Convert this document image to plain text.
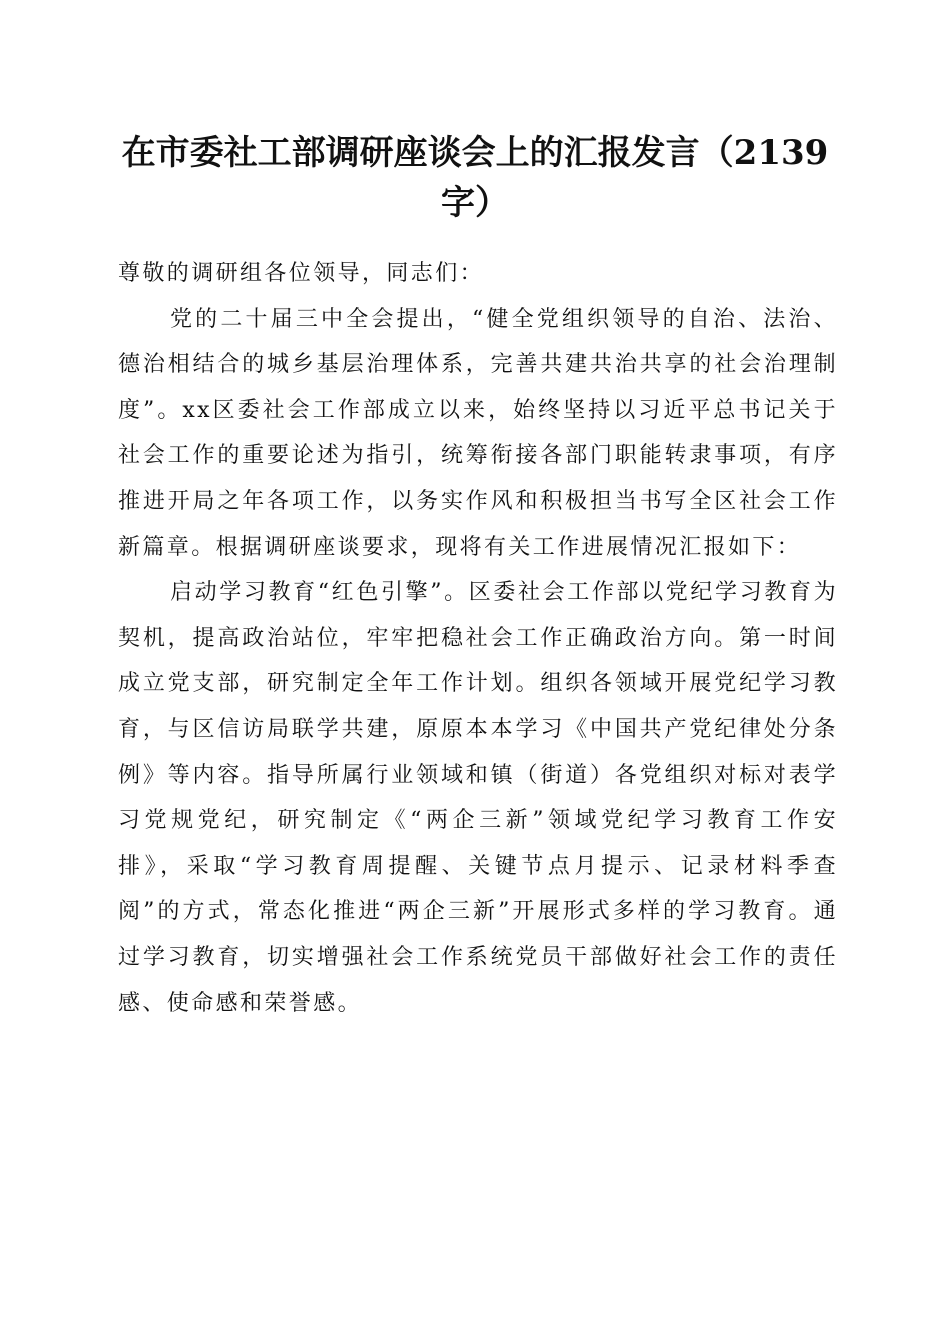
在市委社工部调研座谈会上的汇报发言（2139字）

尊敬的调研组各位领导，同志们：

党的二十届三中全会提出，“健全党组织领导的自治、法治、德治相结合的城乡基层治理体系，完善共建共治共享的社会治理制度”。xx区委社会工作部成立以来，始终坚持以习近平总书记关于社会工作的重要论述为指引，统筹衔接各部门职能转隶事项，有序推进开局之年各项工作，以务实作风和积极担当书写全区社会工作新篇章。根据调研座谈要求，现将有关工作进展情况汇报如下：

启动学习教育“红色引擎”。区委社会工作部以党纪学习教育为契机，提高政治站位，牢牢把稳社会工作正确政治方向。第一时间成立党支部，研究制定全年工作计划。组织各领域开展党纪学习教育，与区信访局联学共建，原原本本学习《中国共产党纪律处分条例》等内容。指导所属行业领域和镇（街道）各党组织对标对表学习党规党纪，研究制定《“两企三新”领域党纪学习教育工作安排》，采取“学习教育周提醒、关键节点月提示、记录材料季查阅”的方式，常态化推进“两企三新”开展形式多样的学习教育。通过学习教育，切实增强社会工作系统党员干部做好社会工作的责任感、使命感和荣誉感。
